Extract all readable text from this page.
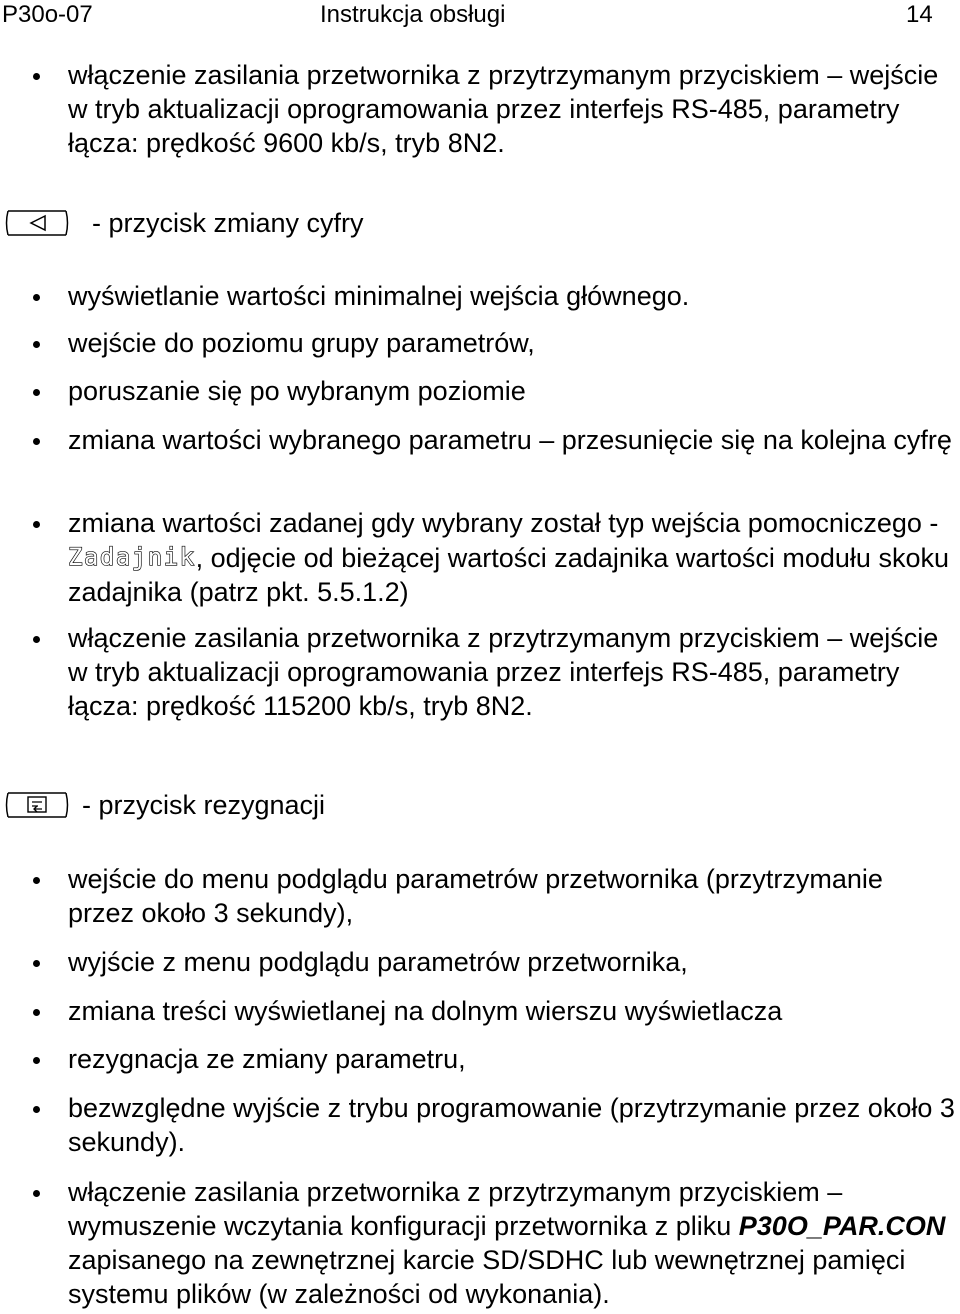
P30o-07	Instrukcja obsługi	14
włączenie zasilania przetwornika z przytrzymanym przyciskiem – wejście w tryb aktualizacji oprogramowania przez interfejs RS-485, parametry łącza: prędkość 9600 kb/s, tryb 8N2.
- przycisk zmiany cyfry
wyświetlanie wartości minimalnej wejścia głównego.
wejście do poziomu grupy parametrów,
poruszanie się po wybranym poziomie
zmiana wartości wybranego parametru – przesunięcie się na kolejna cyfrę
zmiana wartości zadanej gdy wybrany został typ wejścia pomocniczego - Zadajnik, odjęcie od bieżącej wartości zadajnika wartości modułu skoku zadajnika (patrz pkt. 5.5.1.2)
włączenie zasilania przetwornika z przytrzymanym przyciskiem – wejście w tryb aktualizacji oprogramowania przez interfejs RS-485, parametry łącza: prędkość 115200 kb/s, tryb 8N2.
- przycisk rezygnacji
wejście do menu podglądu parametrów przetwornika (przytrzymanie przez około 3 sekundy),
wyjście z menu podglądu parametrów przetwornika,
zmiana treści wyświetlanej na dolnym wierszu wyświetlacza
rezygnacja ze zmiany parametru,
bezwzględne wyjście z trybu programowanie (przytrzymanie przez około 3 sekundy).
włączenie zasilania przetwornika z przytrzymanym przyciskiem – wymuszenie wczytania konfiguracji przetwornika z pliku P30O_PAR.CON zapisanego na zewnętrznej karcie SD/SDHC lub wewnętrznej pamięci systemu plików (w zależności od wykonania).
